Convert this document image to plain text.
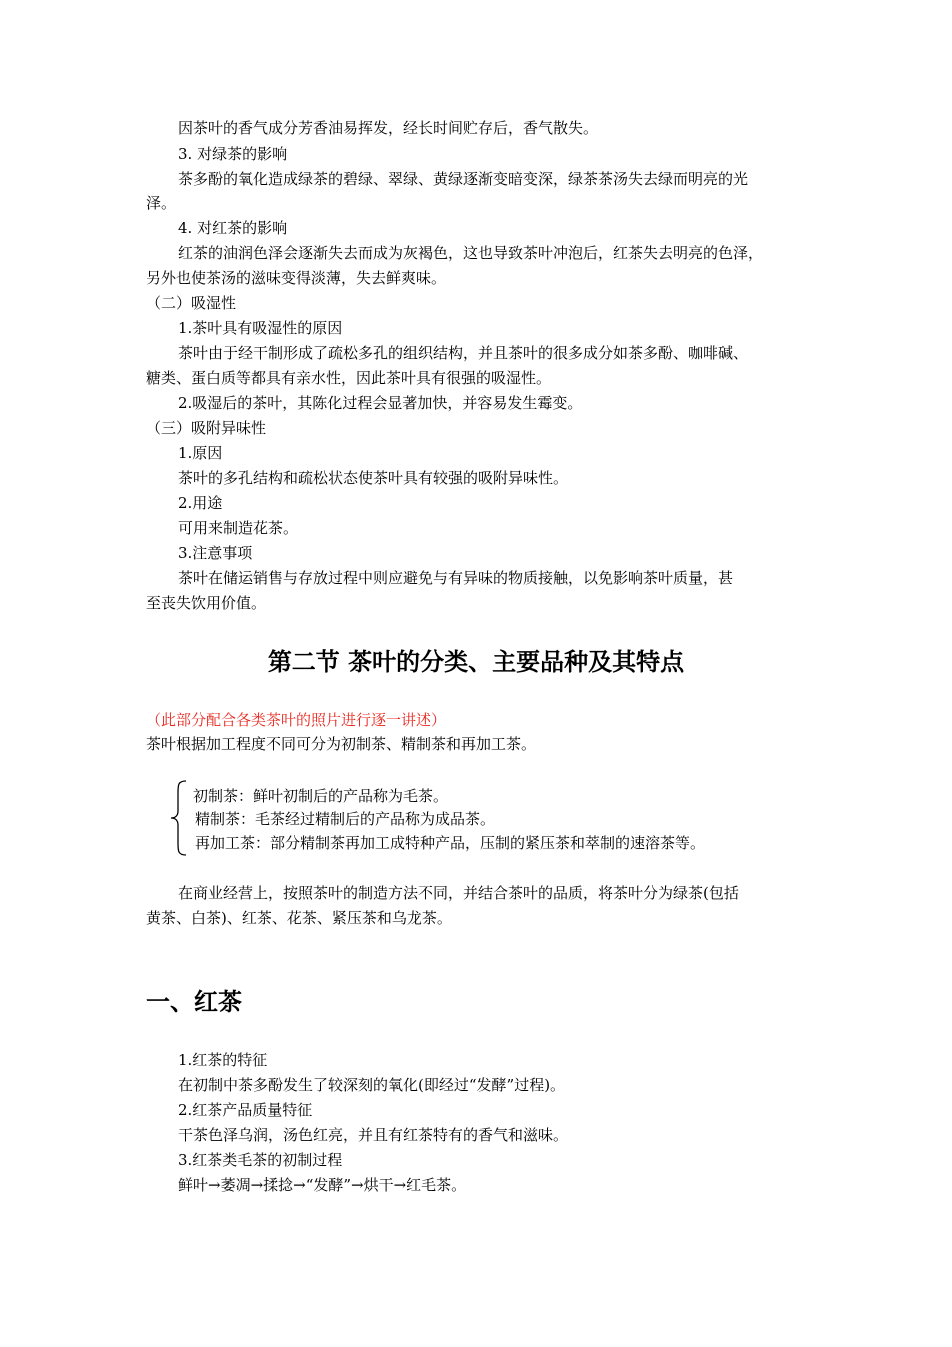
因茶叶的香气成分芳香油易挥发，经长时间贮存后，香气散失。
3. 对绿茶的影响
茶多酚的氧化造成绿茶的碧绿、翠绿、黄绿逐渐变暗变深，绿茶茶汤失去绿而明亮的光
泽。
4. 对红茶的影响
红茶的油润色泽会逐渐失去而成为灰褐色，这也导致茶叶冲泡后，红茶失去明亮的色泽，
另外也使茶汤的滋味变得淡薄，失去鲜爽味。
（二）吸湿性
1.茶叶具有吸湿性的原因
茶叶由于经干制形成了疏松多孔的组织结构，并且茶叶的很多成分如茶多酚、咖啡碱、
糖类、蛋白质等都具有亲水性，因此茶叶具有很强的吸湿性。
2.吸湿后的茶叶，其陈化过程会显著加快，并容易发生霉变。
（三）吸附异味性
1.原因
茶叶的多孔结构和疏松状态使茶叶具有较强的吸附异味性。
2.用途
可用来制造花茶。
3.注意事项
茶叶在储运销售与存放过程中则应避免与有异味的物质接触，以免影响茶叶质量，甚
至丧失饮用价值。
第二节 茶叶的分类、主要品种及其特点
（此部分配合各类茶叶的照片进行逐一讲述）
茶叶根据加工程度不同可分为初制茶、精制茶和再加工茶。
初制茶：鲜叶初制后的产品称为毛茶。
精制茶：毛茶经过精制后的产品称为成品茶。
再加工茶：部分精制茶再加工成特种产品，压制的紧压茶和萃制的速溶茶等。
在商业经营上，按照茶叶的制造方法不同，并结合茶叶的品质，将茶叶分为绿茶(包括
黄茶、白茶)、红茶、花茶、紧压茶和乌龙茶。
一、红茶
1.红茶的特征
在初制中茶多酚发生了较深刻的氧化(即经过“发酵”过程)。
2.红茶产品质量特征
干茶色泽乌润，汤色红亮，并且有红茶特有的香气和滋味。
3.红茶类毛茶的初制过程
鲜叶→萎凋→揉捻→“发酵”→烘干→红毛茶。
